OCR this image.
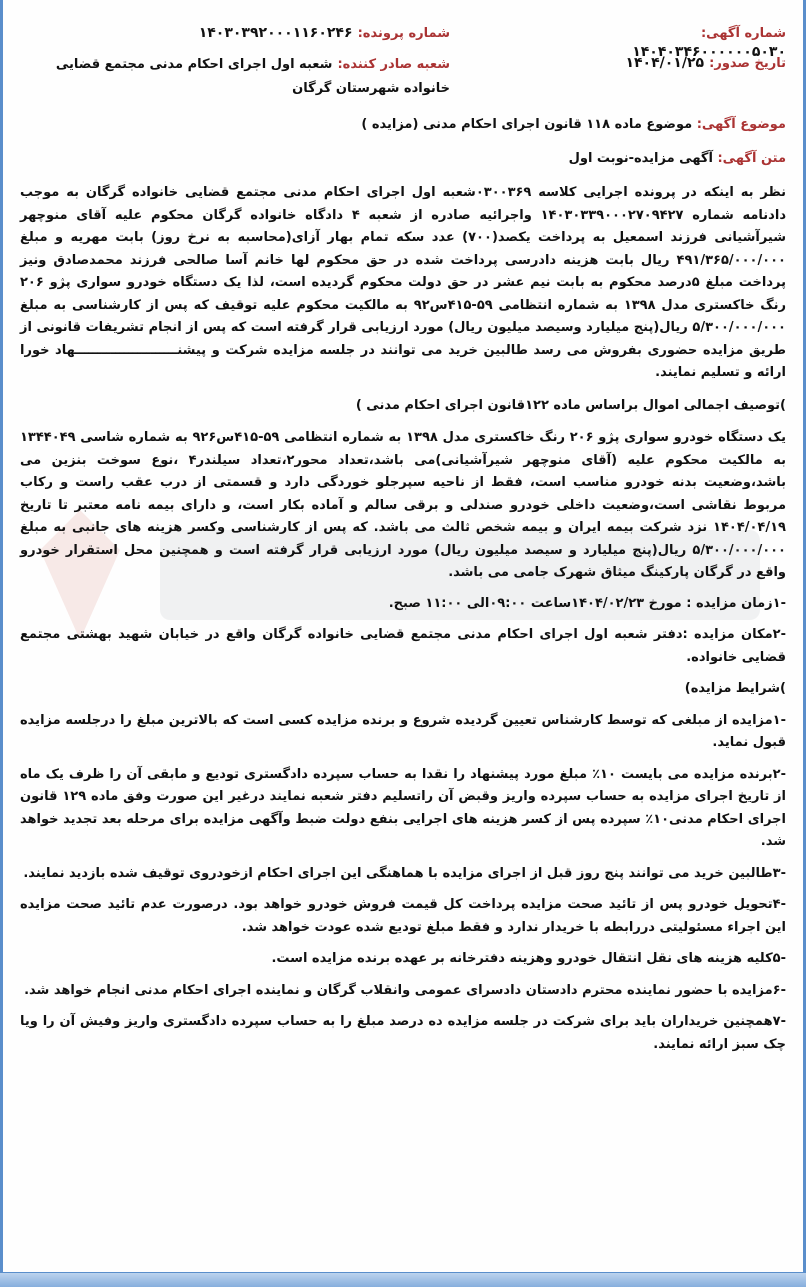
شماره آگهی: ۱۴۰۴۰۳۴۶۰۰۰۰۰۰۵۰۳۰
شماره پرونده: ۱۴۰۳۰۳۹۲۰۰۰۱۱۶۰۲۴۶
تاریخ صدور: ۱۴۰۴/۰۱/۲۵
شعبه صادر کننده: شعبه اول اجرای احکام مدنی مجتمع قضایی خانواده شهرستان گرگان

موضوع آگهی: موضوع ماده ۱۱۸ قانون اجرای احکام مدنی (مزایده )

متن آگهی: آگهی مزایده-نوبت اول

نظر به اینکه در پرونده اجرایی کلاسه ۰۳۰۰۳۶۹شعبه اول اجرای احکام مدنی مجتمع قضایی خانواده گرگان به موجب دادنامه شماره ۱۴۰۳۰۳۳۹۰۰۰۲۷۰۹۴۲۷ واجرائیه صادره از شعبه ۴ دادگاه خانواده گرگان محکوم علیه آقای منوچهر شیرآشیانی فرزند اسمعیل به پرداخت یکصد(۷۰۰) عدد سکه تمام بهار آزای(محاسبه به نرخ روز) بابت مهریه و مبلغ ۴۹۱/۳۶۵/۰۰۰/۰۰۰ ریال بابت هزینه دادرسی پرداخت شده در حق محکوم لها خانم آسا صالحی فرزند محمدصادق ونیز پرداخت مبلغ ۵درصد محکوم به بابت نیم عشر در حق دولت محکوم گردیده است، لذا یک دستگاه خودرو سواری پژو ۲۰۶ رنگ خاکستری مدل ۱۳۹۸ به شماره انتظامی ۵۹-۴۱۵س۹۲ به مالکیت محکوم علیه توقیف که پس از کارشناسی به مبلغ ۵/۳۰۰/۰۰۰/۰۰۰ ریال(پنج میلیارد وسیصد میلیون ریال) مورد ارزیابی قرار گرفته است که پس از انجام تشریفات قانونی از طریق مزایده حضوری بفروش می رسد طالبین خرید می توانند در جلسه مزایده شرکت و پیشنـــــــــــــــــــــــهاد خورا ارائه و تسلیم نمایند.

)توصیف اجمالی اموال براساس ماده ۱۲۲قانون اجرای احکام مدنی )

یک دستگاه خودرو سواری پژو ۲۰۶ رنگ خاکستری مدل ۱۳۹۸ به شماره انتظامی ۵۹-۴۱۵س۹۲۶ به شماره شاسی ۱۳۴۴۰۴۹ به مالکیت محکوم علیه (آقای منوچهر شیرآشیانی)می باشد،تعداد محور۲،تعداد سیلندر۴ ،نوع سوخت بنزین می باشد،وضعیت بدنه خودرو مناسب است، فقط از ناحیه سپرجلو خوردگی دارد و قسمتی از درب عقب راست و رکاب مربوط نقاشی است،وضعیت داخلی خودرو صندلی و برقی سالم و آماده بکار است، و دارای بیمه نامه معتبر تا تاریخ ۱۴۰۴/۰۴/۱۹ نزد شرکت بیمه ایران و بیمه شخص ثالث می باشد. که پس از کارشناسی وکسر هزینه های جانبی به مبلغ ۵/۳۰۰/۰۰۰/۰۰۰ ریال(پنج میلیارد و سیصد میلیون ریال) مورد ارزیابی قرار گرفته است و همچنین محل استقرار خودرو واقع در گرگان پارکینگ میثاق شهرک جامی می باشد.

-۱زمان مزایده : مورخ ۱۴۰۴/۰۲/۲۳ساعت ۰۹:۰۰الی ۱۱:۰۰ صبح.

-۲مکان مزایده :دفتر شعبه اول اجرای احکام مدنی مجتمع قضایی خانواده گرگان واقع در خیابان شهید بهشتی مجتمع قضایی خانواده.

)شرایط مزایده)

-۱مزایده از مبلغی که توسط کارشناس تعیین گردیده شروع و برنده مزایده کسی است که بالاترین مبلغ را درجلسه مزایده قبول نماید.

-۲برنده مزایده می بایست ۱۰٪ مبلغ مورد پیشنهاد را نقدا به حساب سپرده دادگستری تودیع و مابقی آن را ظرف یک ماه از تاریخ اجرای مزایده به حساب سپرده واریز وقبض آن راتسلیم دفتر شعبه نمایند درغیر این صورت وفق ماده ۱۲۹ قانون اجرای احکام مدنی۱۰٪ سپرده پس از کسر هزینه های اجرایی بنفع دولت ضبط وآگهی مزایده برای مرحله بعد تجدید خواهد شد.

-۳طالبین خرید می توانند پنج روز قبل از اجرای مزایده با هماهنگی این اجرای احکام ازخودروی توقیف شده بازدید نمایند.

-۴تحویل خودرو پس از تائید صحت مزایده پرداخت کل قیمت فروش خودرو خواهد بود. درصورت عدم تائید صحت مزایده این اجراء مسئولیتی دررابطه با خریدار ندارد و فقط مبلغ تودیع شده عودت خواهد شد.

-۵کلیه هزینه های نقل انتقال خودرو وهزینه دفترخانه بر عهده برنده مزایده است.

-۶مزایده با حضور نماینده محترم دادستان دادسرای عمومی وانقلاب گرگان و نماینده اجرای احکام مدنی انجام خواهد شد.

-۷همچنین خریداران باید برای شرکت در جلسه مزایده ده درصد مبلغ را به حساب سپرده دادگستری واریز وفیش آن را ویا چک سبز ارائه نمایند.
